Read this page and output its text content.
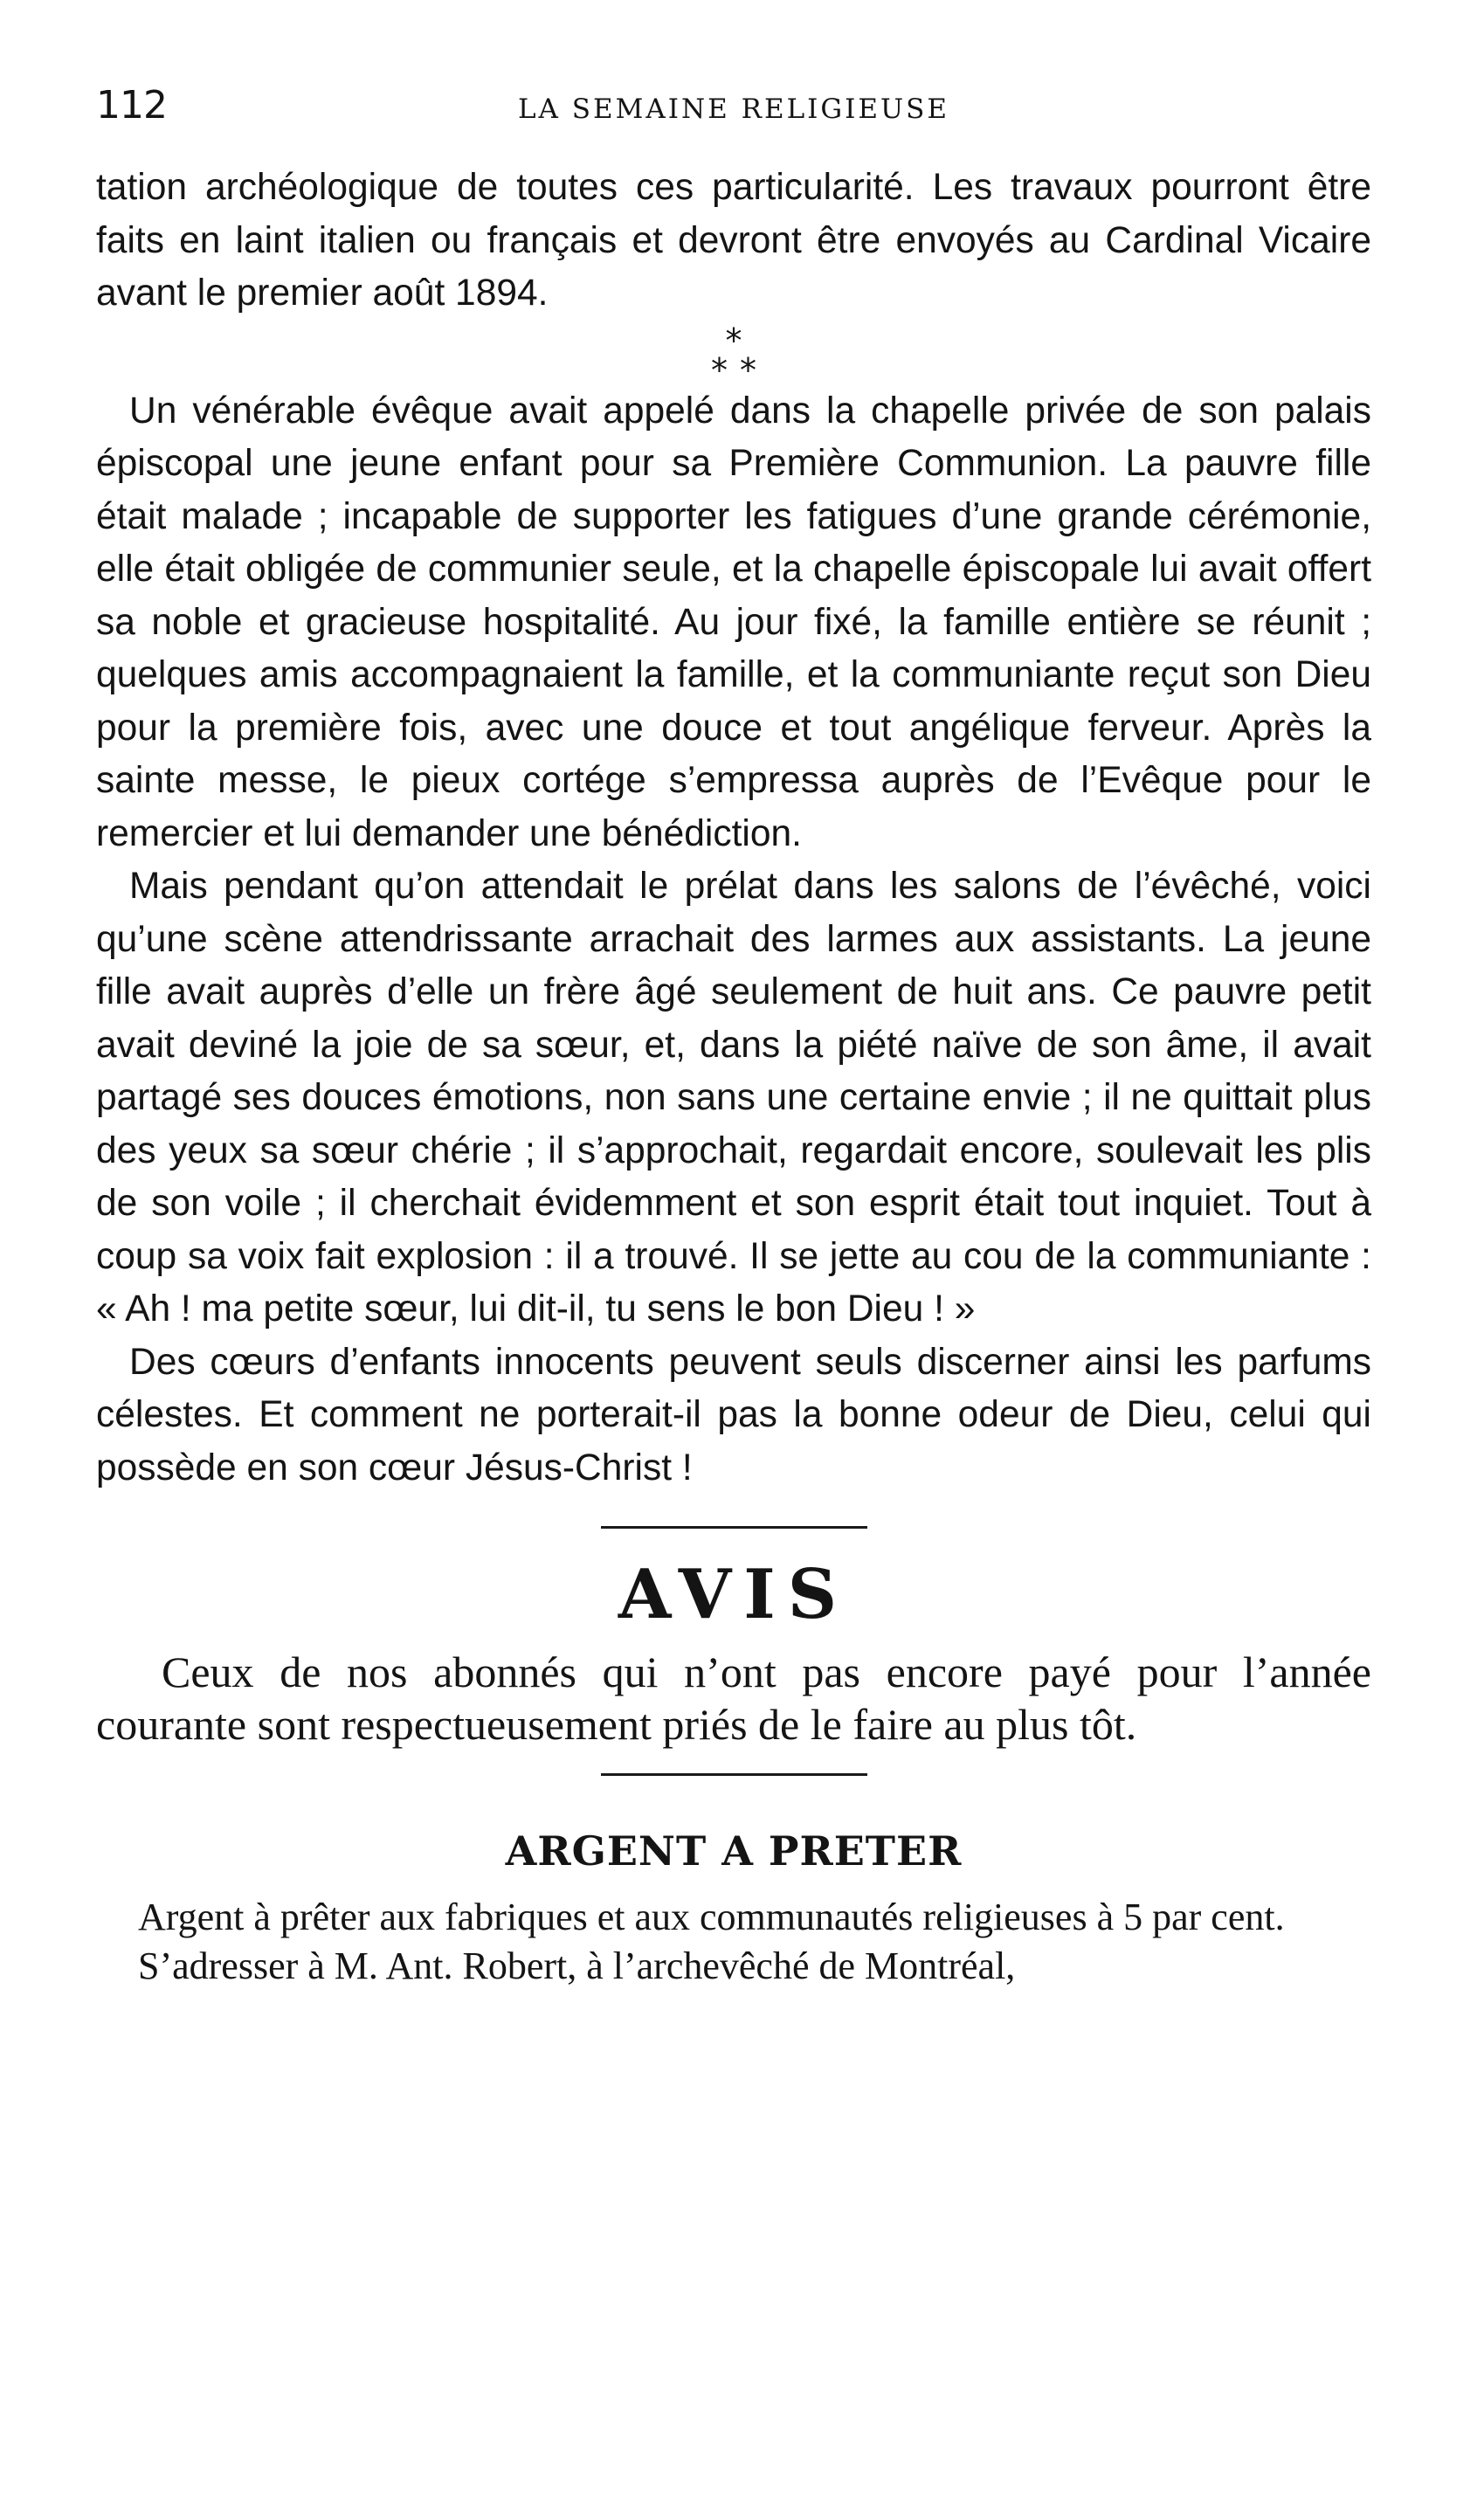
112	LA SEMAINE RELIGIEUSE

tation archéologique de toutes ces particularité. Les travaux pourront être faits en laint italien ou français et devront être envoyés au Cardinal Vicaire avant le premier août 1894.

*
**

Un vénérable évêque avait appelé dans la chapelle privée de son palais épiscopal une jeune enfant pour sa Première Communion. La pauvre fille était malade ; incapable de supporter les fatigues d’une grande cérémonie, elle était obligée de communier seule, et la chapelle épiscopale lui avait offert sa noble et gracieuse hospitalité. Au jour fixé, la famille entière se réunit ; quelques amis accompagnaient la famille, et la communiante reçut son Dieu pour la première fois, avec une douce et tout angélique ferveur. Après la sainte messe, le pieux cortége s’empressa auprès de l’Evêque pour le remercier et lui demander une bénédiction.

Mais pendant qu’on attendait le prélat dans les salons de l’évêché, voici qu’une scène attendrissante arrachait des larmes aux assistants. La jeune fille avait auprès d’elle un frère âgé seulement de huit ans. Ce pauvre petit avait deviné la joie de sa sœur, et, dans la piété naïve de son âme, il avait partagé ses douces émotions, non sans une certaine envie ; il ne quittait plus des yeux sa sœur chérie ; il s’approchait, regardait encore, soulevait les plis de son voile ; il cherchait évidemment et son esprit était tout inquiet. Tout à coup sa voix fait explosion : il a trouvé. Il se jette au cou de la communiante : « Ah ! ma petite sœur, lui dit-il, tu sens le bon Dieu ! »

Des cœurs d’enfants innocents peuvent seuls discerner ainsi les parfums célestes. Et comment ne porterait-il pas la bonne odeur de Dieu, celui qui possède en son cœur Jésus-Christ !

AVIS

Ceux de nos abonnés qui n’ont pas encore payé pour l’année courante sont respectueusement priés de le faire au plus tôt.

ARGENT A PRETER

Argent à prêter aux fabriques et aux communautés religieuses à 5 par cent.

S’adresser à M. Ant. Robert, à l’archevêché de Montréal,
